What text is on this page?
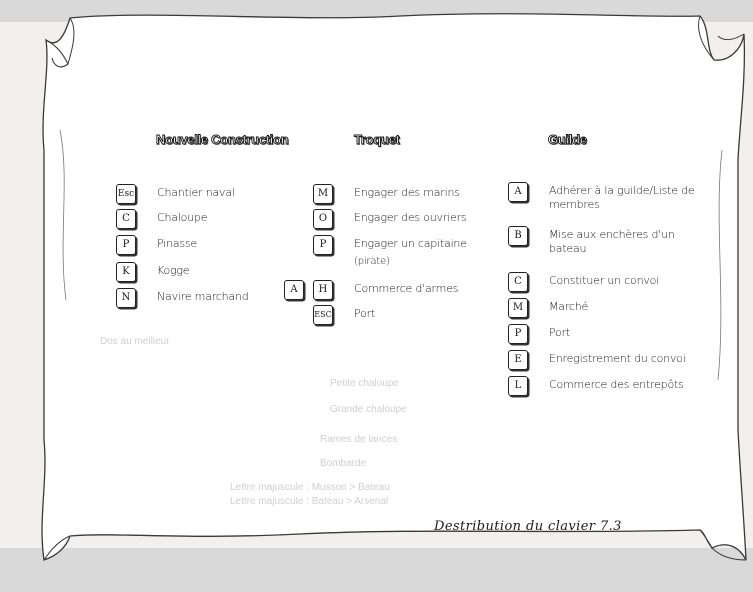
Dos au meilleur
Petite chaloupe
Grande chaloupe
Rames de lances
Bombarde
Lettre majuscule : Musson > Bateau
Lettre majuscule : Bateau > Arsenal
Nouvelle Construction	Troquet	Guilde
Esc Chantier naval
C	Chaloupe
P	Pinasse
K	Kogge
N	Navire marchand
M	Engager des marins
O	Engager des ouvriers
P	Engager un capitaine
(pirate)
A	H	Commerce d'armes
ESC Port
A	Adhérer à la guilde/Liste de membres
B	Mise aux enchères d'un bateau
C	Constituer un convoi
M	Marché
P	Port
E	Enregistrement du convoi
L	Commerce des entrepôts
Destribution du clavier 7.3
